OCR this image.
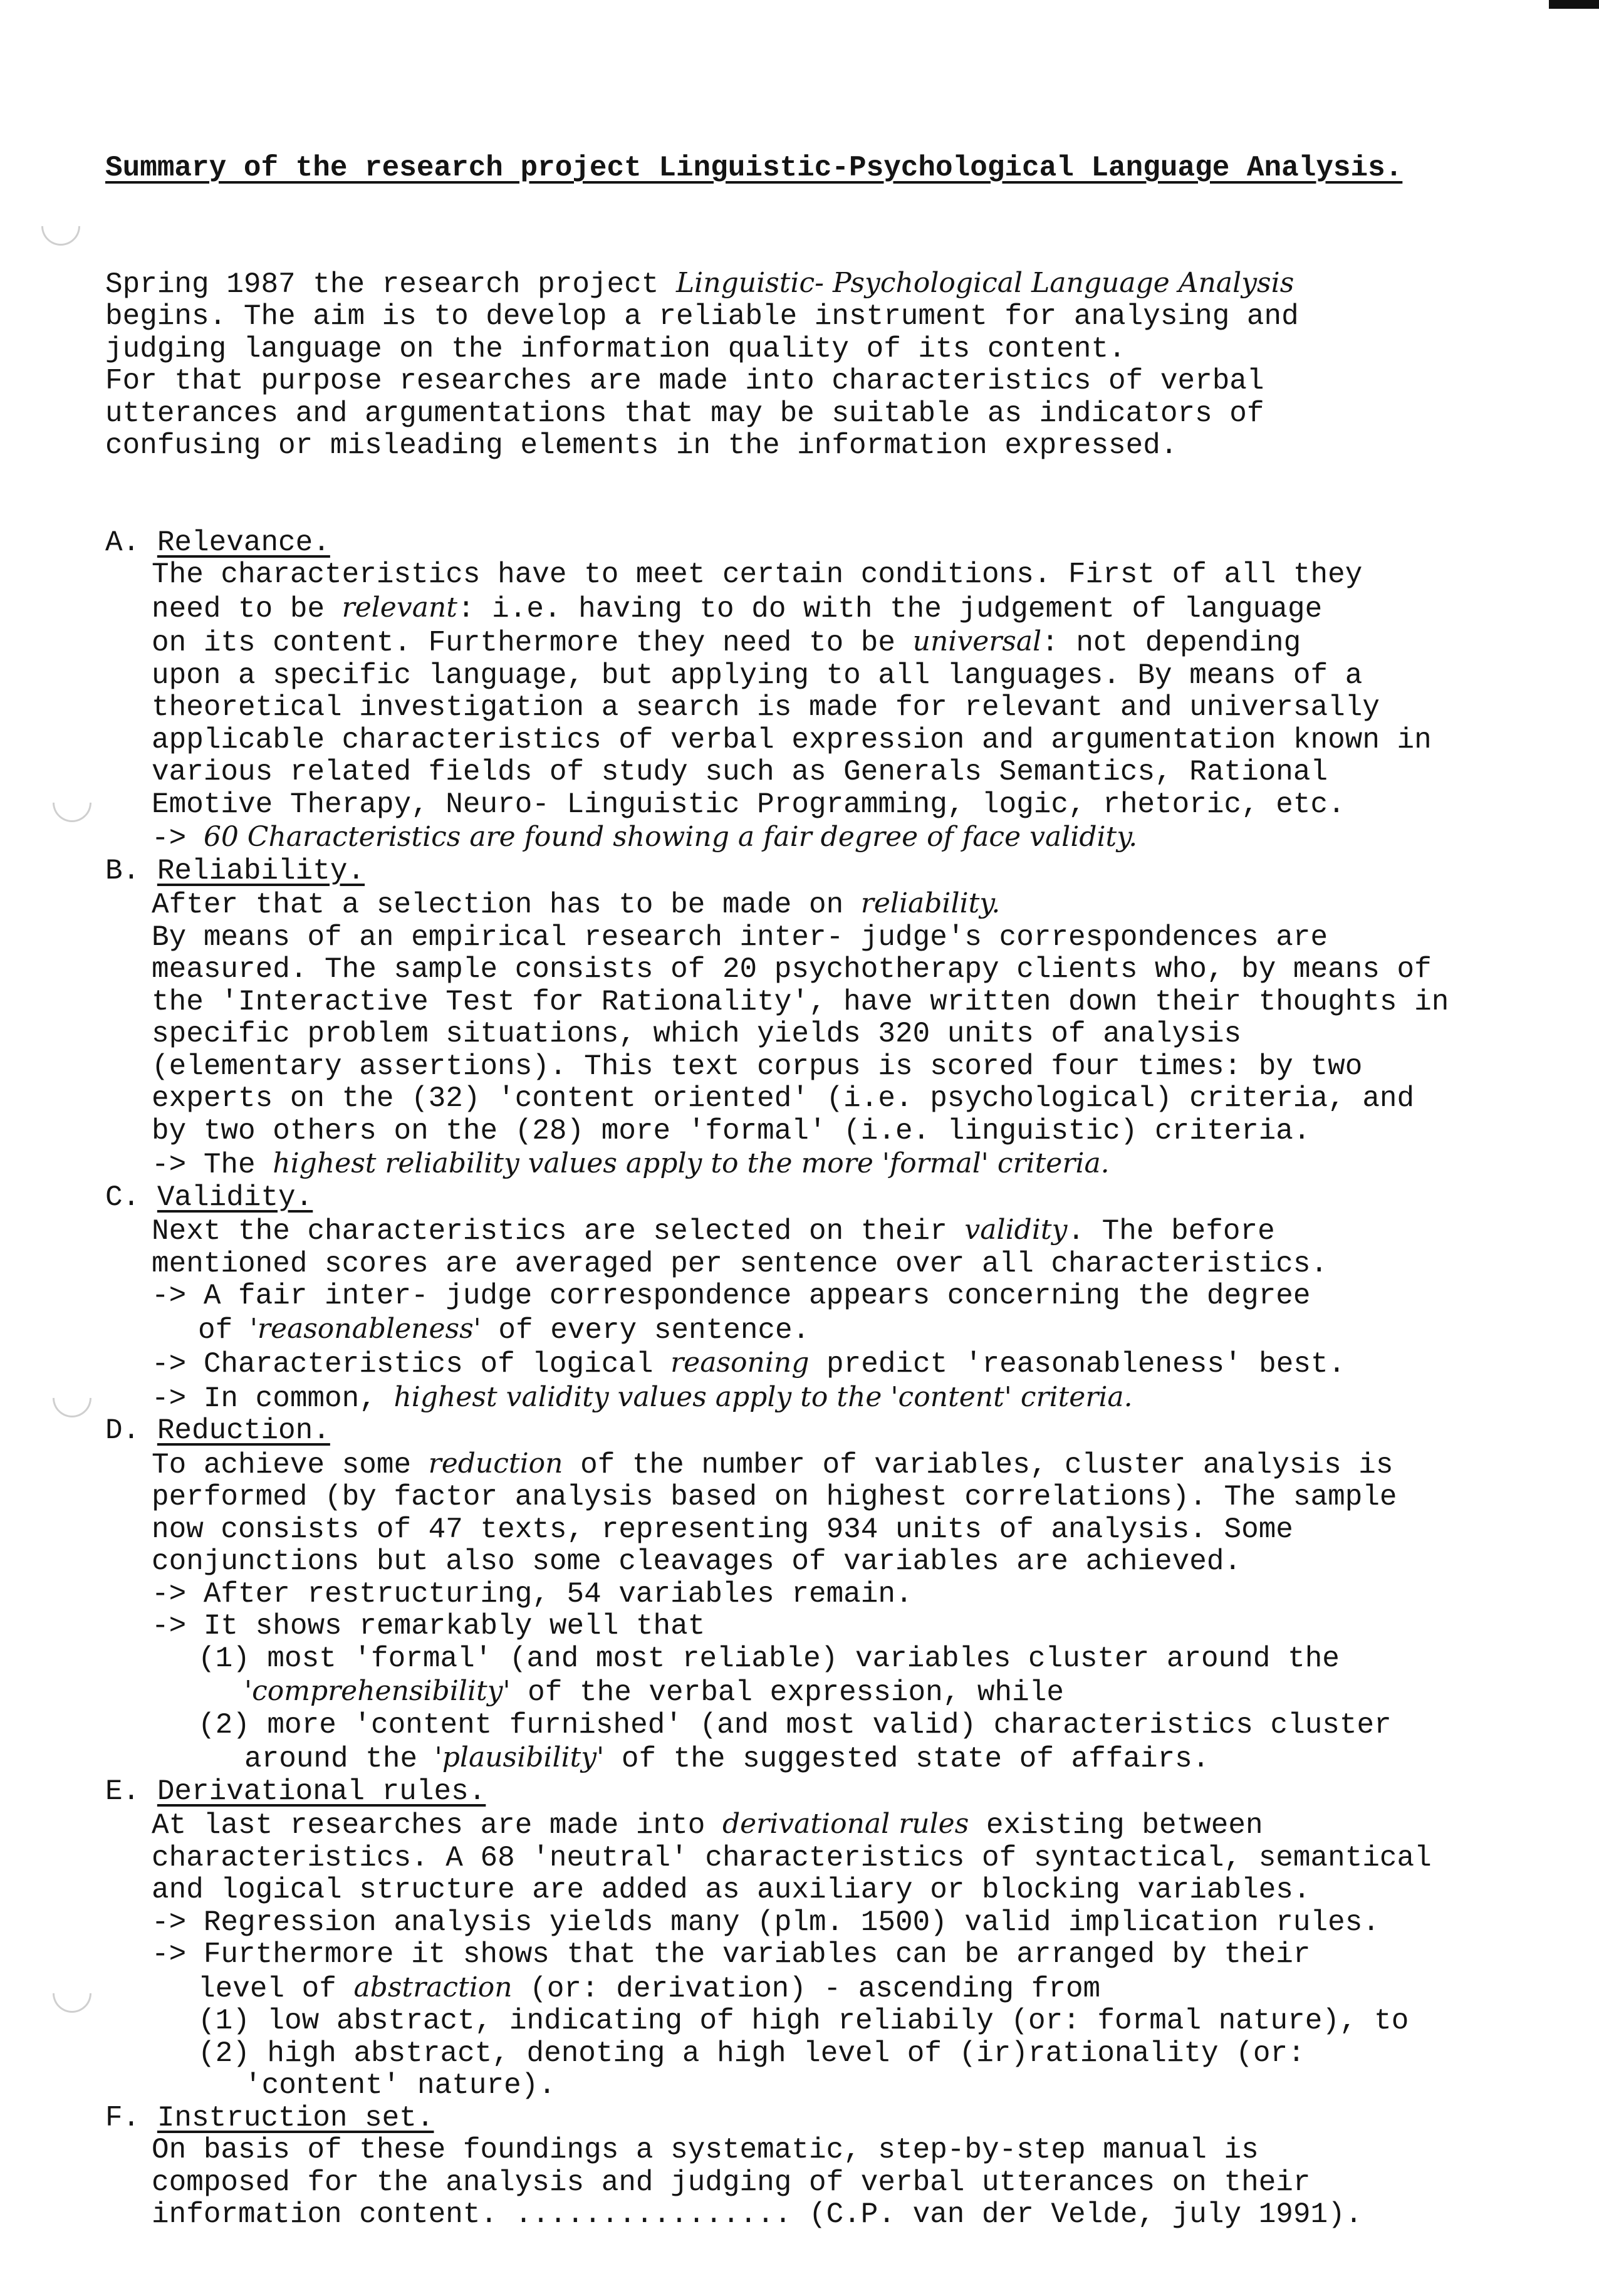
Summary of the research project Linguistic-Psychological Language Analysis.

Spring 1987 the research project Linguistic- Psychological Language Analysis
begins. The aim is to develop a reliable instrument for analysing and
judging language on the information quality of its content.
For that purpose researches are made into characteristics of verbal
utterances and argumentations that may be suitable as indicators of
confusing or misleading elements in the information expressed.

A. Relevance.
The characteristics have to meet certain conditions. First of all they
need to be relevant: i.e. having to do with the judgement of language
on its content. Furthermore they need to be universal: not depending
upon a specific language, but applying to all languages. By means of a
theoretical investigation a search is made for relevant and universally
applicable characteristics of verbal expression and argumentation known in
various related fields of study such as Generals Semantics, Rational
Emotive Therapy, Neuro- Linguistic Programming, logic, rhetoric, etc.
-> 60 Characteristics are found showing a fair degree of face validity.
B. Reliability.
After that a selection has to be made on reliability.
By means of an empirical research inter- judge's correspondences are
measured. The sample consists of 20 psychotherapy clients who, by means of
the 'Interactive Test for Rationality', have written down their thoughts in
specific problem situations, which yields 320 units of analysis
(elementary assertions). This text corpus is scored four times: by two
experts on the (32) 'content oriented' (i.e. psychological) criteria, and
by two others on the (28) more 'formal' (i.e. linguistic) criteria.
-> The highest reliability values apply to the more 'formal' criteria.
C. Validity.
Next the characteristics are selected on their validity. The before
mentioned scores are averaged per sentence over all characteristics.
-> A fair inter- judge correspondence appears concerning the degree
of 'reasonableness' of every sentence.
-> Characteristics of logical reasoning predict 'reasonableness' best.
-> In common, highest validity values apply to the 'content' criteria.
D. Reduction.
To achieve some reduction of the number of variables, cluster analysis is
performed (by factor analysis based on highest correlations). The sample
now consists of 47 texts, representing 934 units of analysis. Some
conjunctions but also some cleavages of variables are achieved.
-> After restructuring, 54 variables remain.
-> It shows remarkably well that
(1) most 'formal' (and most reliable) variables cluster around the
'comprehensibility' of the verbal expression, while
(2) more 'content furnished' (and most valid) characteristics cluster
around the 'plausibility' of the suggested state of affairs.
E. Derivational rules.
At last researches are made into derivational rules existing between
characteristics. A 68 'neutral' characteristics of syntactical, semantical
and logical structure are added as auxiliary or blocking variables.
-> Regression analysis yields many (plm. 1500) valid implication rules.
-> Furthermore it shows that the variables can be arranged by their
level of abstraction (or: derivation) - ascending from
(1) low abstract, indicating of high reliabily (or: formal nature), to
(2) high abstract, denoting a high level of (ir)rationality (or:
'content' nature).
F. Instruction set.
On basis of these foundings a systematic, step-by-step manual is
composed for the analysis and judging of verbal utterances on their
information content. ................ (C.P. van der Velde, july 1991).
